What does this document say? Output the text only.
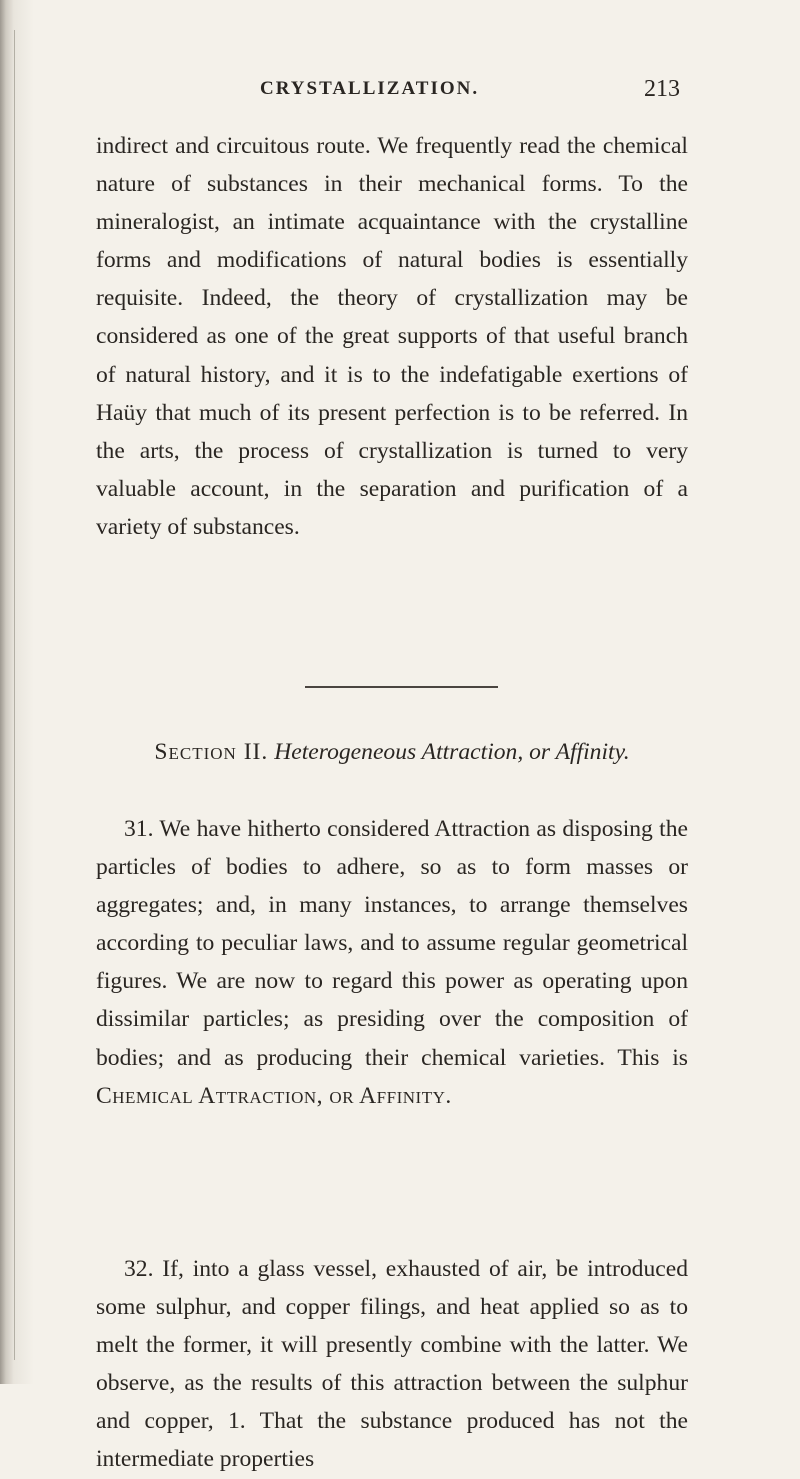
CRYSTALLIZATION.	213
indirect and circuitous route. We frequently read the chemical nature of substances in their mechanical forms. To the mineralogist, an intimate acquaintance with the crystalline forms and modifications of natural bodies is essentially requisite. Indeed, the theory of crystallization may be considered as one of the great supports of that useful branch of natural history, and it is to the indefatigable exertions of Haüy that much of its present perfection is to be referred. In the arts, the process of crystallization is turned to very valuable account, in the separation and purification of a variety of substances.
Section II. Heterogeneous Attraction, or Affinity.
31. We have hitherto considered Attraction as disposing the particles of bodies to adhere, so as to form masses or aggregates; and, in many instances, to arrange themselves according to peculiar laws, and to assume regular geometrical figures. We are now to regard this power as operating upon dissimilar particles; as presiding over the composition of bodies; and as producing their chemical varieties. This is Chemical Attraction, or Affinity.
32. If, into a glass vessel, exhausted of air, be introduced some sulphur, and copper filings, and heat applied so as to melt the former, it will presently combine with the latter. We observe, as the results of this attraction between the sulphur and copper, 1. That the substance produced has not the intermediate properties
